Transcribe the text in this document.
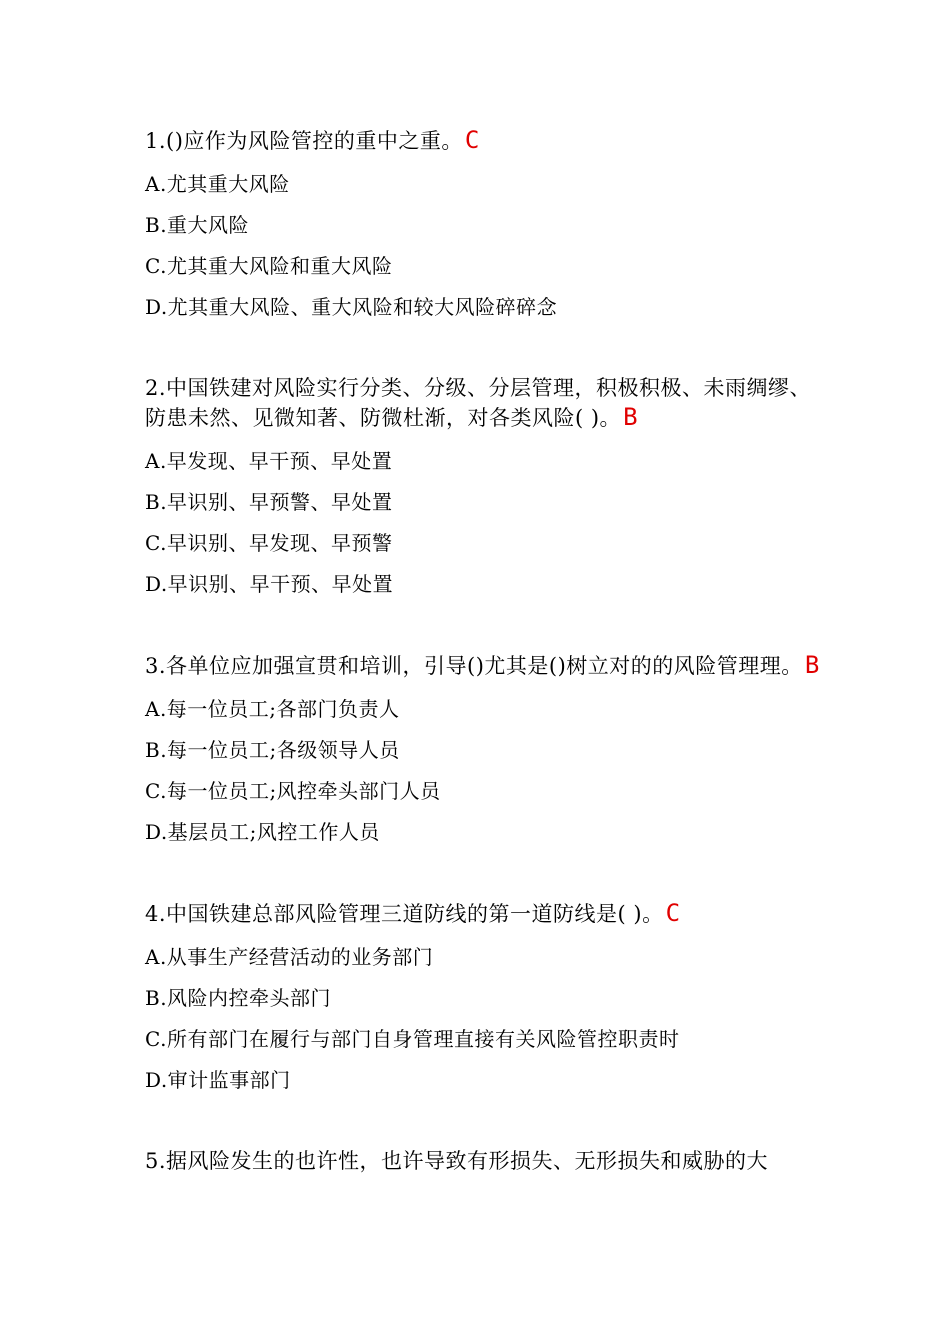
1.()应作为风险管控的重中之重。C
A.尤其重大风险
B.重大风险
C.尤其重大风险和重大风险
D.尤其重大风险、重大风险和较大风险碎碎念
2.中国铁建对风险实行分类、分级、分层管理，积极积极、未雨绸缪、防患未然、见微知著、防微杜渐，对各类风险( )。B
A.早发现、早干预、早处置
B.早识别、早预警、早处置
C.早识别、早发现、早预警
D.早识别、早干预、早处置
3.各单位应加强宣贯和培训，引导()尤其是()树立对的的风险管理理。B
A.每一位员工;各部门负责人
B.每一位员工;各级领导人员
C.每一位员工;风控牵头部门人员
D.基层员工;风控工作人员
4.中国铁建总部风险管理三道防线的第一道防线是( )。C
A.从事生产经营活动的业务部门
B.风险内控牵头部门
C.所有部门在履行与部门自身管理直接有关风险管控职责时
D.审计监事部门
5.据风险发生的也许性，也许导致有形损失、无形损失和威胁的大
